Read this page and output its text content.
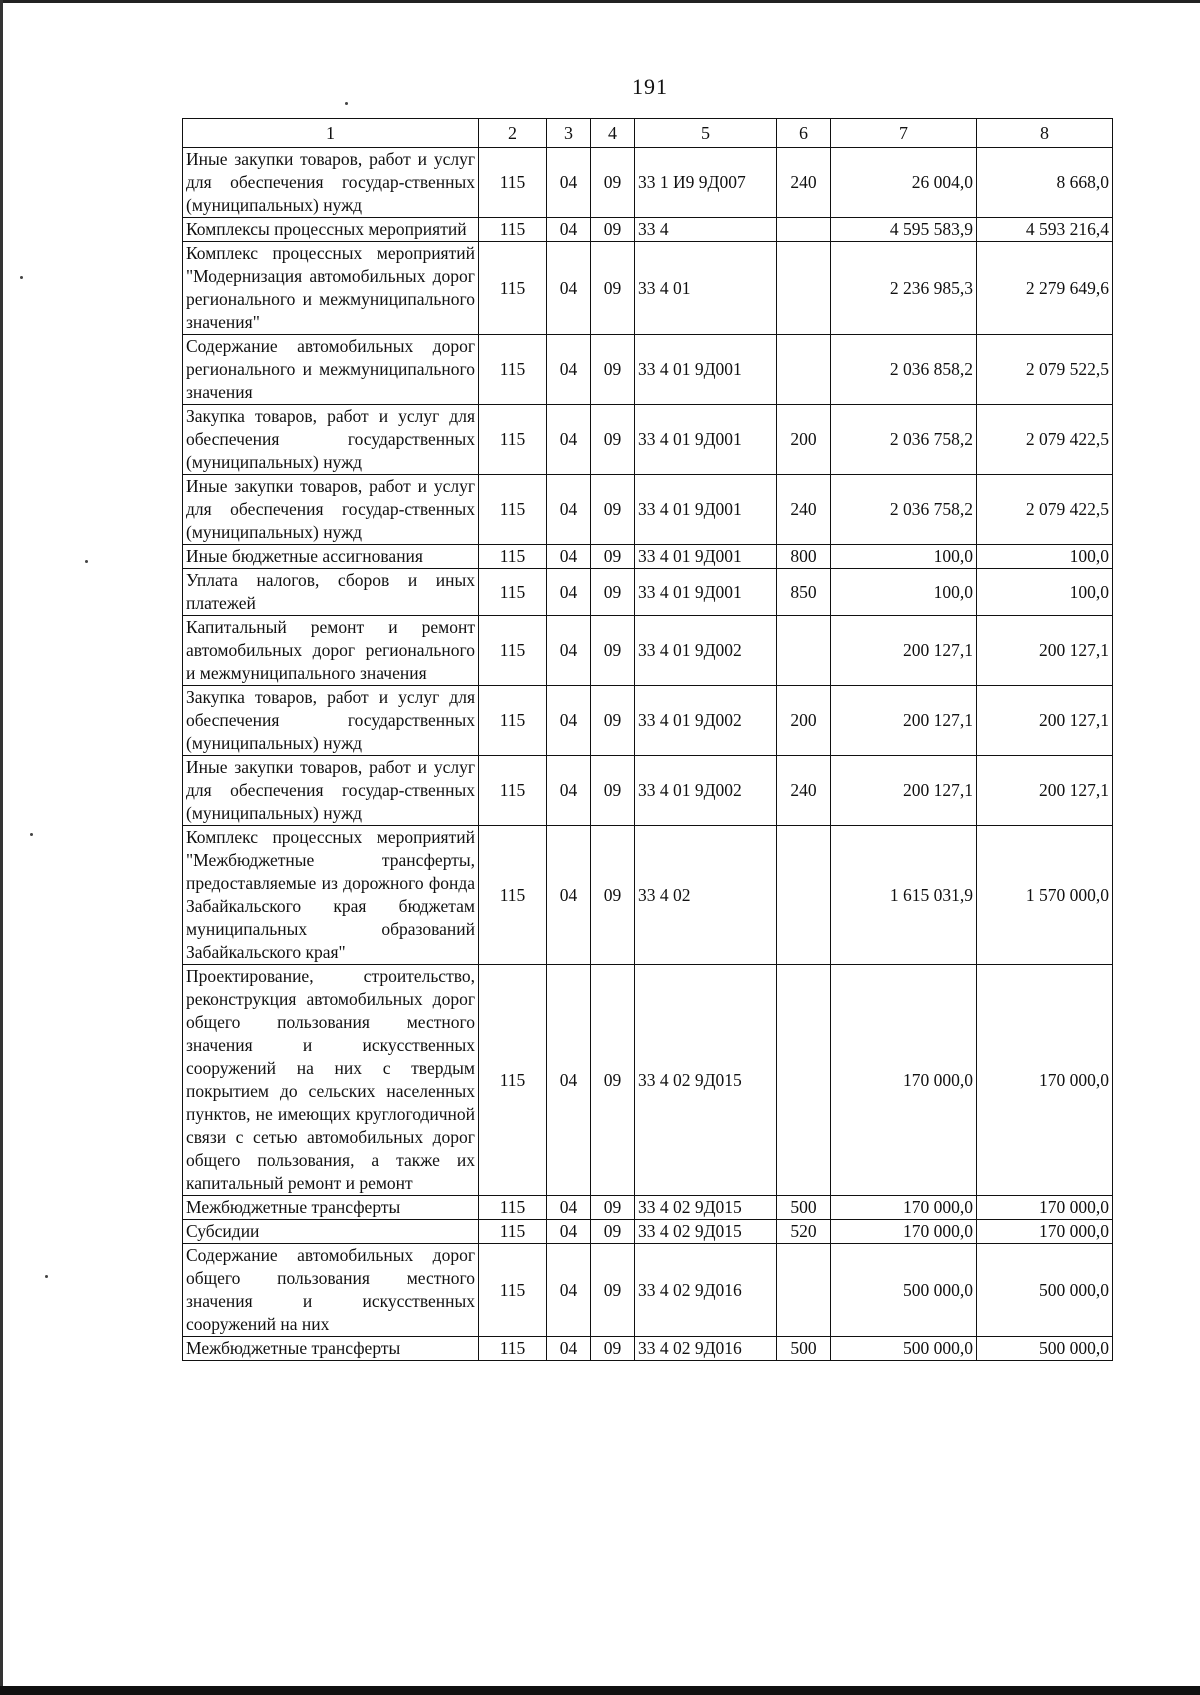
191
1	2	3	4	5	6	7	8
Иные закупки товаров, работ и услуг для обеспечения государ-ственных (муниципальных) нужд	115	04	09	33 1 И9 9Д007	240	26 004,0	8 668,0
Комплексы процессных мероприятий	115	04	09	33 4		4 595 583,9	4 593 216,4
Комплекс процессных мероприятий "Модернизация автомобильных дорог регионального и межмуниципального значения"	115	04	09	33 4 01		2 236 985,3	2 279 649,6
Содержание автомобильных дорог регионального и межмуниципального значения	115	04	09	33 4 01 9Д001		2 036 858,2	2 079 522,5
Закупка товаров, работ и услуг для обеспечения государственных (муниципальных) нужд	115	04	09	33 4 01 9Д001	200	2 036 758,2	2 079 422,5
Иные закупки товаров, работ и услуг для обеспечения государ-ственных (муниципальных) нужд	115	04	09	33 4 01 9Д001	240	2 036 758,2	2 079 422,5
Иные бюджетные ассигнования	115	04	09	33 4 01 9Д001	800	100,0	100,0
Уплата налогов, сборов и иных платежей	115	04	09	33 4 01 9Д001	850	100,0	100,0
Капитальный ремонт и ремонт автомобильных дорог регионального и межмуниципального значения	115	04	09	33 4 01 9Д002		200 127,1	200 127,1
Закупка товаров, работ и услуг для обеспечения государственных (муниципальных) нужд	115	04	09	33 4 01 9Д002	200	200 127,1	200 127,1
Иные закупки товаров, работ и услуг для обеспечения государ-ственных (муниципальных) нужд	115	04	09	33 4 01 9Д002	240	200 127,1	200 127,1
Комплекс процессных мероприятий "Межбюджетные трансферты, предоставляемые из дорожного фонда Забайкальского края бюджетам муниципальных образований Забайкальского края"	115	04	09	33 4 02		1 615 031,9	1 570 000,0
Проектирование, строительство, реконструкция автомобильных дорог общего пользования местного значения и искусственных сооружений на них с твердым покрытием до сельских населенных пунктов, не имеющих круглогодичной связи с сетью автомобильных дорог общего пользования, а также их капитальный ремонт и ремонт	115	04	09	33 4 02 9Д015		170 000,0	170 000,0
Межбюджетные трансферты	115	04	09	33 4 02 9Д015	500	170 000,0	170 000,0
Субсидии	115	04	09	33 4 02 9Д015	520	170 000,0	170 000,0
Содержание автомобильных дорог общего пользования местного значения и искусственных сооружений на них	115	04	09	33 4 02 9Д016		500 000,0	500 000,0
Межбюджетные трансферты	115	04	09	33 4 02 9Д016	500	500 000,0	500 000,0
